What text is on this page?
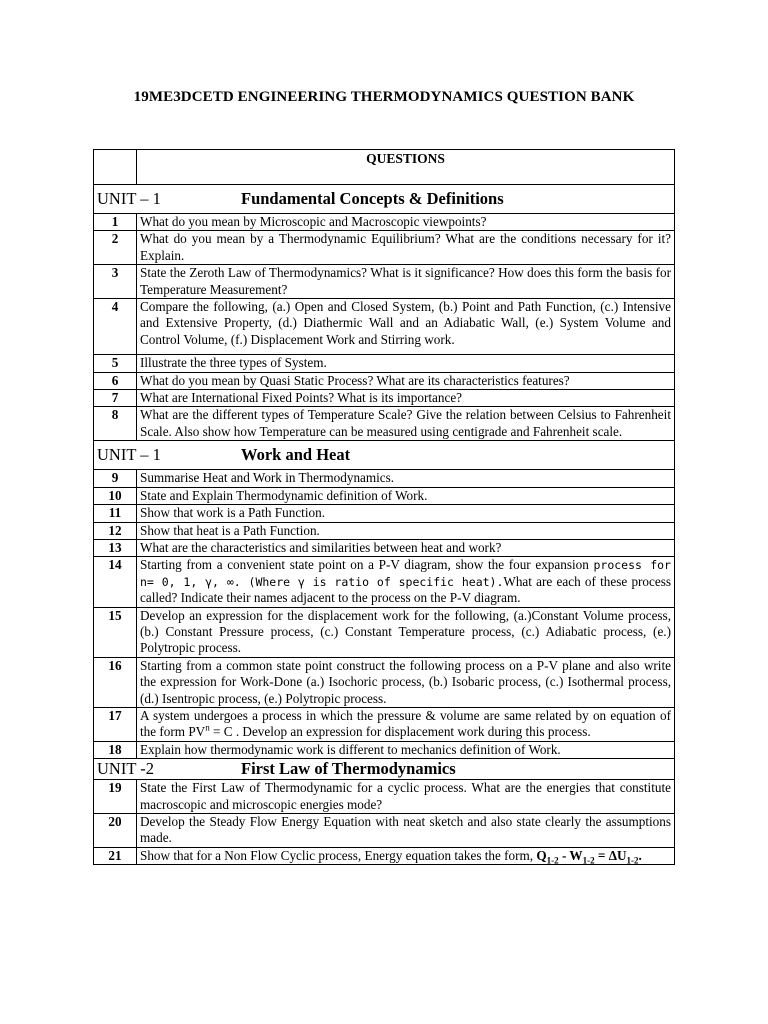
19ME3DCETD ENGINEERING THERMODYNAMICS QUESTION BANK
	QUESTIONS

UNIT – 1 Fundamental Concepts & Definitions	

1	What do you mean by Microscopic and Macroscopic viewpoints?
2	What do you mean by a Thermodynamic Equilibrium? What are the conditions necessary for it? Explain.
3	State the Zeroth Law of Thermodynamics? What is it significance? How does this form the basis for Temperature Measurement?
4	Compare the following, (a.) Open and Closed System, (b.) Point and Path Function, (c.) Intensive and Extensive Property, (d.) Diathermic Wall and an Adiabatic Wall, (e.) System Volume and Control Volume, (f.) Displacement Work and Stirring work.
5	Illustrate the three types of System.
6	What do you mean by Quasi Static Process? What are its characteristics features?
7	What are International Fixed Points? What is its importance?
8	What are the different types of Temperature Scale? Give the relation between Celsius to Fahrenheit Scale. Also show how Temperature can be measured using centigrade and Fahrenheit scale.

UNIT – 1 Work and Heat	

9	Summarise Heat and Work in Thermodynamics.
10	State and Explain Thermodynamic definition of Work.
11	Show that work is a Path Function.
12	Show that heat is a Path Function.
13	What are the characteristics and similarities between heat and work?
14	Starting from a convenient state point on a P-V diagram, show the four expansion process for n= 0, 1, γ, ∞. (Where γ is ratio of specific heat).What are each of these process called? Indicate their names adjacent to the process on the P-V diagram.
15	Develop an expression for the displacement work for the following, (a.)Constant Volume process, (b.) Constant Pressure process, (c.) Constant Temperature process, (c.) Adiabatic process, (e.) Polytropic process.
16	Starting from a common state point construct the following process on a P-V plane and also write the expression for Work-Done (a.) Isochoric process, (b.) Isobaric process, (c.) Isothermal process, (d.) Isentropic process, (e.) Polytropic process.
17	A system undergoes a process in which the pressure & volume are same related by on equation of the form $PV^n = C$ . Develop an expression for displacement work during this process.
18	Explain how thermodynamic work is different to mechanics definition of Work.

UNIT -2 First Law of Thermodynamics	

19	State the First Law of Thermodynamic for a cyclic process. What are the energies that constitute macroscopic and microscopic energies mode?
20	Develop the Steady Flow Energy Equation with neat sketch and also state clearly the assumptions made.
21	Show that for a Non Flow Cyclic process, Energy equation takes the form, $Q_{1-2} - W_{1-2} = \Delta U_{1-2}$.
